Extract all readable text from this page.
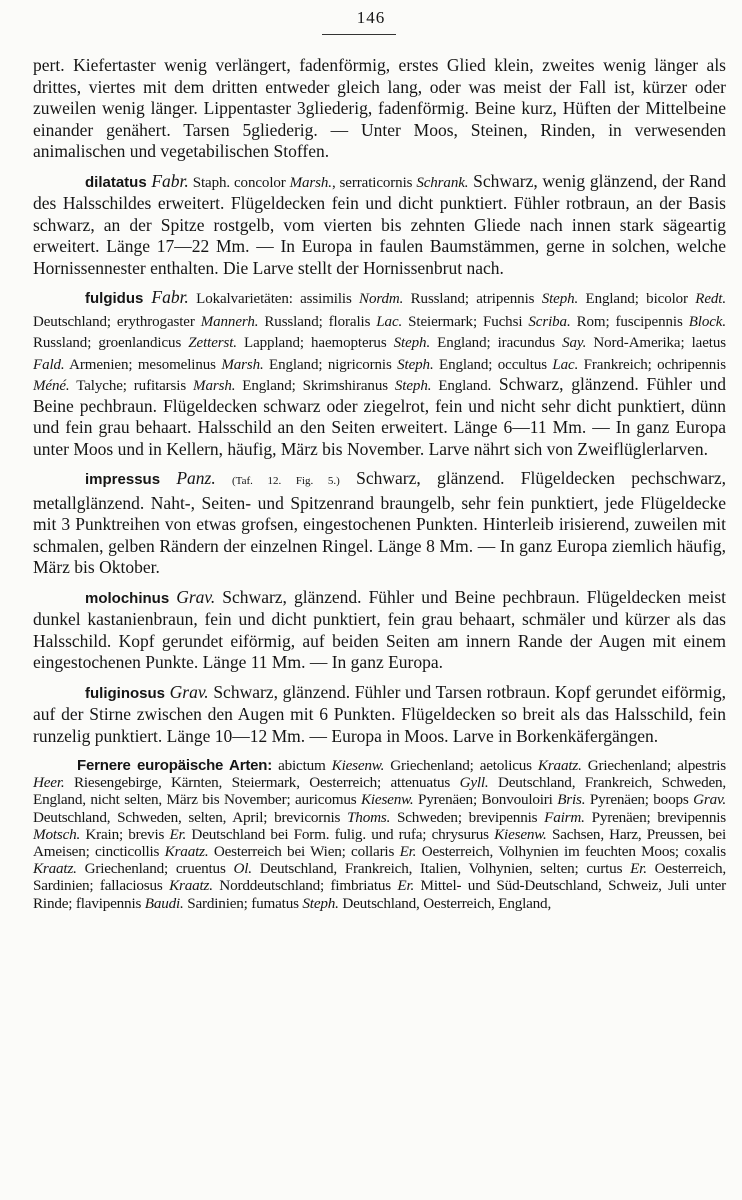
146

pert. Kiefertaster wenig verlängert, fadenförmig, erstes Glied klein, zweites wenig länger als drittes, viertes mit dem dritten entweder gleich lang, oder was meist der Fall ist, kürzer oder zuweilen wenig länger. Lippentaster 3gliederig, fadenförmig. Beine kurz, Hüften der Mittelbeine einander genähert. Tarsen 5gliederig. — Unter Moos, Steinen, Rinden, in verwesenden animalischen und vegetabilischen Stoffen.

dilatatus Fabr. Staph. concolor Marsh., serraticornis Schrank. Schwarz, wenig glänzend, der Rand des Halsschildes erweitert. Flügeldecken fein und dicht punktiert. Fühler rotbraun, an der Basis schwarz, an der Spitze rostgelb, vom vierten bis zehnten Gliede nach innen stark sägeartig erweitert. Länge 17—22 Mm. — In Europa in faulen Baumstämmen, gerne in solchen, welche Hornissennester enthalten. Die Larve stellt der Hornissenbrut nach.

fulgidus Fabr. Lokalvarietäten: assimilis Nordm. Russland; atripennis Steph. England; bicolor Redt. Deutschland; erythrogaster Mannerh. Russland; floralis Lac. Steiermark; Fuchsi Scriba. Rom; fuscipennis Block. Russland; groenlandicus Zetterst. Lappland; haemopterus Steph. England; iracundus Say. Nord-Amerika; laetus Fald. Armenien; mesomelinus Marsh. England; nigricornis Steph. England; occultus Lac. Frankreich; ochripennis Méné. Talyche; rufitarsis Marsh. England; Skrimshiranus Steph. England. Schwarz, glänzend. Fühler und Beine pechbraun. Flügeldecken schwarz oder ziegelrot, fein und nicht sehr dicht punktiert, dünn und fein grau behaart. Halsschild an den Seiten erweitert. Länge 6—11 Mm. — In ganz Europa unter Moos und in Kellern, häufig, März bis November. Larve nährt sich von Zweiflüglerlarven.

impressus Panz. (Taf. 12. Fig. 5.) Schwarz, glänzend. Flügeldecken pechschwarz, metallglänzend. Naht-, Seiten- und Spitzenrand braungelb, sehr fein punktiert, jede Flügeldecke mit 3 Punktreihen von etwas grofsen, eingestochenen Punkten. Hinterleib irisierend, zuweilen mit schmalen, gelben Rändern der einzelnen Ringel. Länge 8 Mm. — In ganz Europa ziemlich häufig, März bis Oktober.

molochinus Grav. Schwarz, glänzend. Fühler und Beine pechbraun. Flügeldecken meist dunkel kastanienbraun, fein und dicht punktiert, fein grau behaart, schmäler und kürzer als das Halsschild. Kopf gerundet eiförmig, auf beiden Seiten am innern Rande der Augen mit einem eingestochenen Punkte. Länge 11 Mm. — In ganz Europa.

fuliginosus Grav. Schwarz, glänzend. Fühler und Tarsen rotbraun. Kopf gerundet eiförmig, auf der Stirne zwischen den Augen mit 6 Punkten. Flügeldecken so breit als das Halsschild, fein runzelig punktiert. Länge 10—12 Mm. — Europa in Moos. Larve in Borkenkäfergängen.

Fernere europäische Arten: abictum Kiesenw. Griechenland; aetolicus Kraatz. Griechenland; alpestris Heer. Riesengebirge, Kärnten, Steiermark, Oesterreich; attenuatus Gyll. Deutschland, Frankreich, Schweden, England, nicht selten, März bis November; auricomus Kiesenw. Pyrenäen; Bonvouloiri Bris. Pyrenäen; boops Grav. Deutschland, Schweden, selten, April; brevicornis Thoms. Schweden; brevipennis Fairm. Pyrenäen; brevipennis Motsch. Krain; brevis Er. Deutschland bei Form. fulig. und rufa; chrysurus Kiesenw. Sachsen, Harz, Preussen, bei Ameisen; cincticollis Kraatz. Oesterreich bei Wien; collaris Er. Oesterreich, Volhynien im feuchten Moos; coxalis Kraatz. Griechenland; cruentus Ol. Deutschland, Frankreich, Italien, Volhynien, selten; curtus Er. Oesterreich, Sardinien; fallaciosus Kraatz. Norddeutschland; fimbriatus Er. Mittel- und Süd-Deutschland, Schweiz, Juli unter Rinde; flavipennis Baudi. Sardinien; fumatus Steph. Deutschland, Oesterreich, England,
